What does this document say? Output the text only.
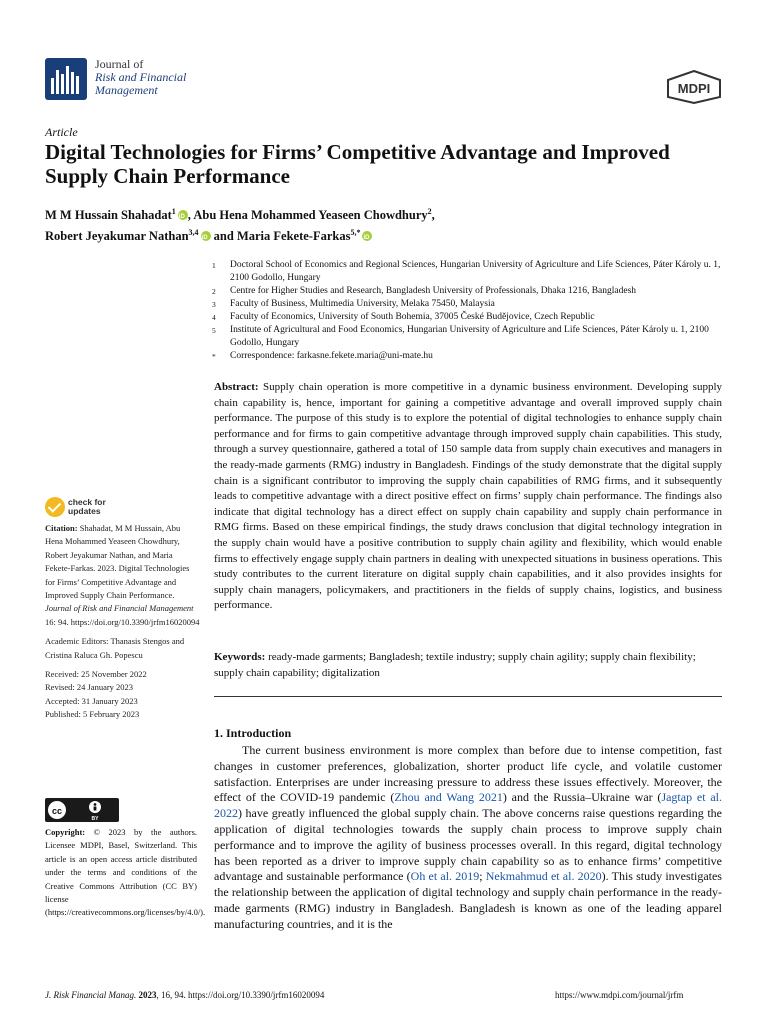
Journal of
Risk and Financial
Management	MDPI
Article
Digital Technologies for Firms’ Competitive Advantage and Improved Supply Chain Performance
M M Hussain Shahadat$^1$iD , Abu Hena Mohammed Yeaseen Chowdhury$^2$,
Robert Jeyakumar Nathan$^{3,4}$iD and Maria Fekete-Farkas$^{5,*}$iD
1	Doctoral School of Economics and Regional Sciences, Hungarian University of Agriculture and Life Sciences, Páter Károly u. 1, 2100 Godollo, Hungary
2	Centre for Higher Studies and Research, Bangladesh University of Professionals, Dhaka 1216, Bangladesh
3	Faculty of Business, Multimedia University, Melaka 75450, Malaysia
4	Faculty of Economics, University of South Bohemia, 37005 České Budějovice, Czech Republic
5	Institute of Agricultural and Food Economics, Hungarian University of Agriculture and Life Sciences, Páter Károly u. 1, 2100 Godollo, Hungary
*	Correspondence: farkasne.fekete.maria@uni-mate.hu
Abstract: Supply chain operation is more competitive in a dynamic business environment. Developing supply chain capability is, hence, important for gaining a competitive advantage and overall improved supply chain performance. The purpose of this study is to explore the potential of digital technologies to enhance supply chain performance and for firms to gain competitive advantage through improved supply chain capabilities. This study, through a survey questionnaire, gathered a total of 150 sample data from supply chain executives and managers in the ready-made garments (RMG) industry in Bangladesh. Findings of the study demonstrate that the digital supply chain is a significant contributor to improving the supply chain capabilities of RMG firms, and it subsequently leads to competitive advantage with a direct positive effect on firms’ supply chain performance. The findings also indicate that digital technology has a direct effect on supply chain capability and supply chain performance in RMG firms. Based on these empirical findings, the study draws conclusion that digital technology integration in the supply chain would have a positive contribution to supply chain agility and flexibility, which would enable firms to effectively engage supply chain partners in dealing with unexpected situations in business operations. This study contributes to the current literature on digital supply chain capabilities, and it also provides insights for supply chain managers, policymakers, and practitioners in the fields of supply chains, logistics, and business performance.
Keywords: ready-made garments; Bangladesh; textile industry; supply chain agility; supply chain flexibility; supply chain capability; digitalization
1. Introduction

The current business environment is more complex than before due to intense competition, fast changes in customer preferences, globalization, shorter product life cycle, and volatile customer satisfaction. Enterprises are under increasing pressure to address these issues effectively. Moreover, the effect of the COVID-19 pandemic (Zhou and Wang 2021) and the Russia–Ukraine war (Jagtap et al. 2022) have greatly influenced the global supply chain. The above concerns raise questions regarding the application of digital technologies towards the supply chain process to improve supply chain performance and to improve the agility of business processes overall. In this regard, digital technology has been reported as a driver to improve supply chain capability so as to enhance firms’ competitive advantage and sustainable performance (Oh et al. 2019; Nekmahmud et al. 2020). This study investigates the relationship between the application of digital technology and supply chain performance in the ready-made garments (RMG) industry in Bangladesh. Bangladesh is known as one of the leading apparel manufacturing countries, and it is the

check for
updates
Citation: Shahadat, M M Hussain, Abu Hena Mohammed Yeaseen Chowdhury, Robert Jeyakumar Nathan, and Maria Fekete-Farkas. 2023. Digital Technologies for Firms’ Competitive Advantage and Improved Supply Chain Performance. Journal of Risk and Financial Management 16: 94. https://doi.org/10.3390/jrfm16020094
Academic Editors: Thanasis Stengos and Cristina Raluca Gh. Popescu
Received: 25 November 2022
Revised: 24 January 2023
Accepted: 31 January 2023
Published: 5 February 2023
cc
BY
Copyright: © 2023 by the authors. Licensee MDPI, Basel, Switzerland. This article is an open access article distributed under the terms and conditions of the Creative Commons Attribution (CC BY) license (https://creativecommons.org/licenses/by/4.0/).
J. Risk Financial Manag. 2023, 16, 94. https://doi.org/10.3390/jrfm16020094	https://www.mdpi.com/journal/jrfm
